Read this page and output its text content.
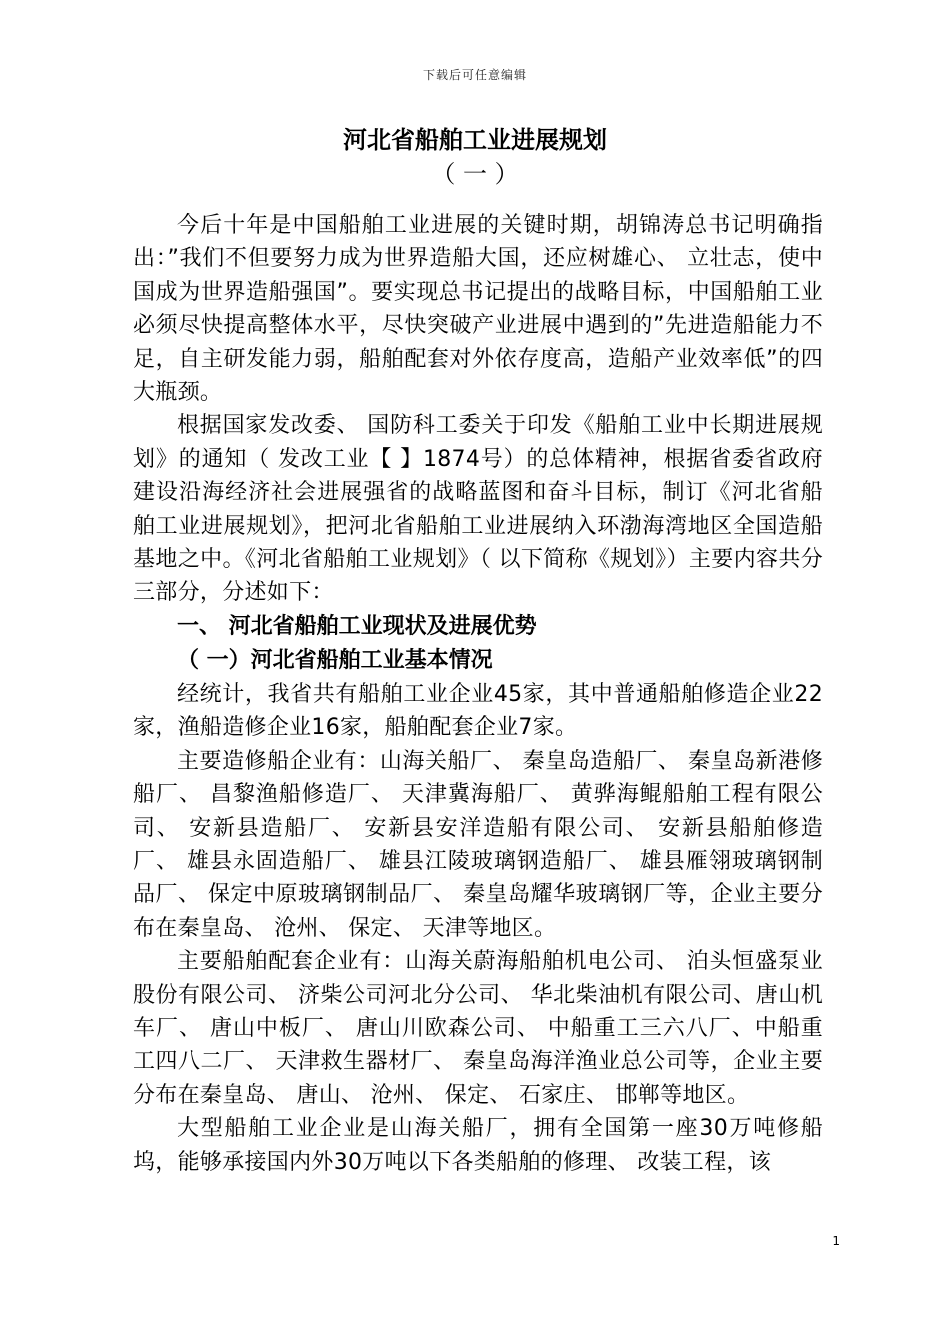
下载后可任意编辑
河北省船舶工业进展规划
（ 一 ）

今后十年是中国船舶工业进展的关键时期，胡锦涛总书记明确指出：”我们不但要努力成为世界造船大国，还应树雄心、 立壮志，使中国成为世界造船强国”。要实现总书记提出的战略目标，中国船舶工业必须尽快提高整体水平，尽快突破产业进展中遇到的”先进造船能力不足，自主研发能力弱，船舶配套对外依存度高，造船产业效率低”的四大瓶颈。

根据国家发改委、 国防科工委关于印发《船舶工业中长期进展规划》的通知（ 发改工业【 】1874号）的总体精神，根据省委省政府建设沿海经济社会进展强省的战略蓝图和奋斗目标，制订《河北省船舶工业进展规划》，把河北省船舶工业进展纳入环渤海湾地区全国造船基地之中。《河北省船舶工业规划》（ 以下简称《规划》）主要内容共分三部分，分述如下：

一、 河北省船舶工业现状及进展优势
（ 一）河北省船舶工业基本情况

经统计，我省共有船舶工业企业45家，其中普通船舶修造企业22家，渔船造修企业16家，船舶配套企业7家。

主要造修船企业有：山海关船厂、 秦皇岛造船厂、 秦皇岛新港修船厂、 昌黎渔船修造厂、 天津冀海船厂、 黄骅海鲲船舶工程有限公司、 安新县造船厂、 安新县安洋造船有限公司、 安新县船舶修造厂、 雄县永固造船厂、 雄县江陵玻璃钢造船厂、 雄县雁翎玻璃钢制品厂、 保定中原玻璃钢制品厂、 秦皇岛耀华玻璃钢厂等，企业主要分布在秦皇岛、 沧州、 保定、 天津等地区。

主要船舶配套企业有：山海关蔚海船舶机电公司、 泊头恒盛泵业股份有限公司、 济柴公司河北分公司、 华北柴油机有限公司、唐山机车厂、 唐山中板厂、 唐山川欧森公司、 中船重工三六八厂、中船重工四八二厂、 天津救生器材厂、 秦皇岛海洋渔业总公司等，企业主要分布在秦皇岛、 唐山、 沧州、 保定、 石家庄、 邯郸等地区。

大型船舶工业企业是山海关船厂，拥有全国第一座30万吨修船坞，能够承接国内外30万吨以下各类船舶的修理、 改装工程，该

1
